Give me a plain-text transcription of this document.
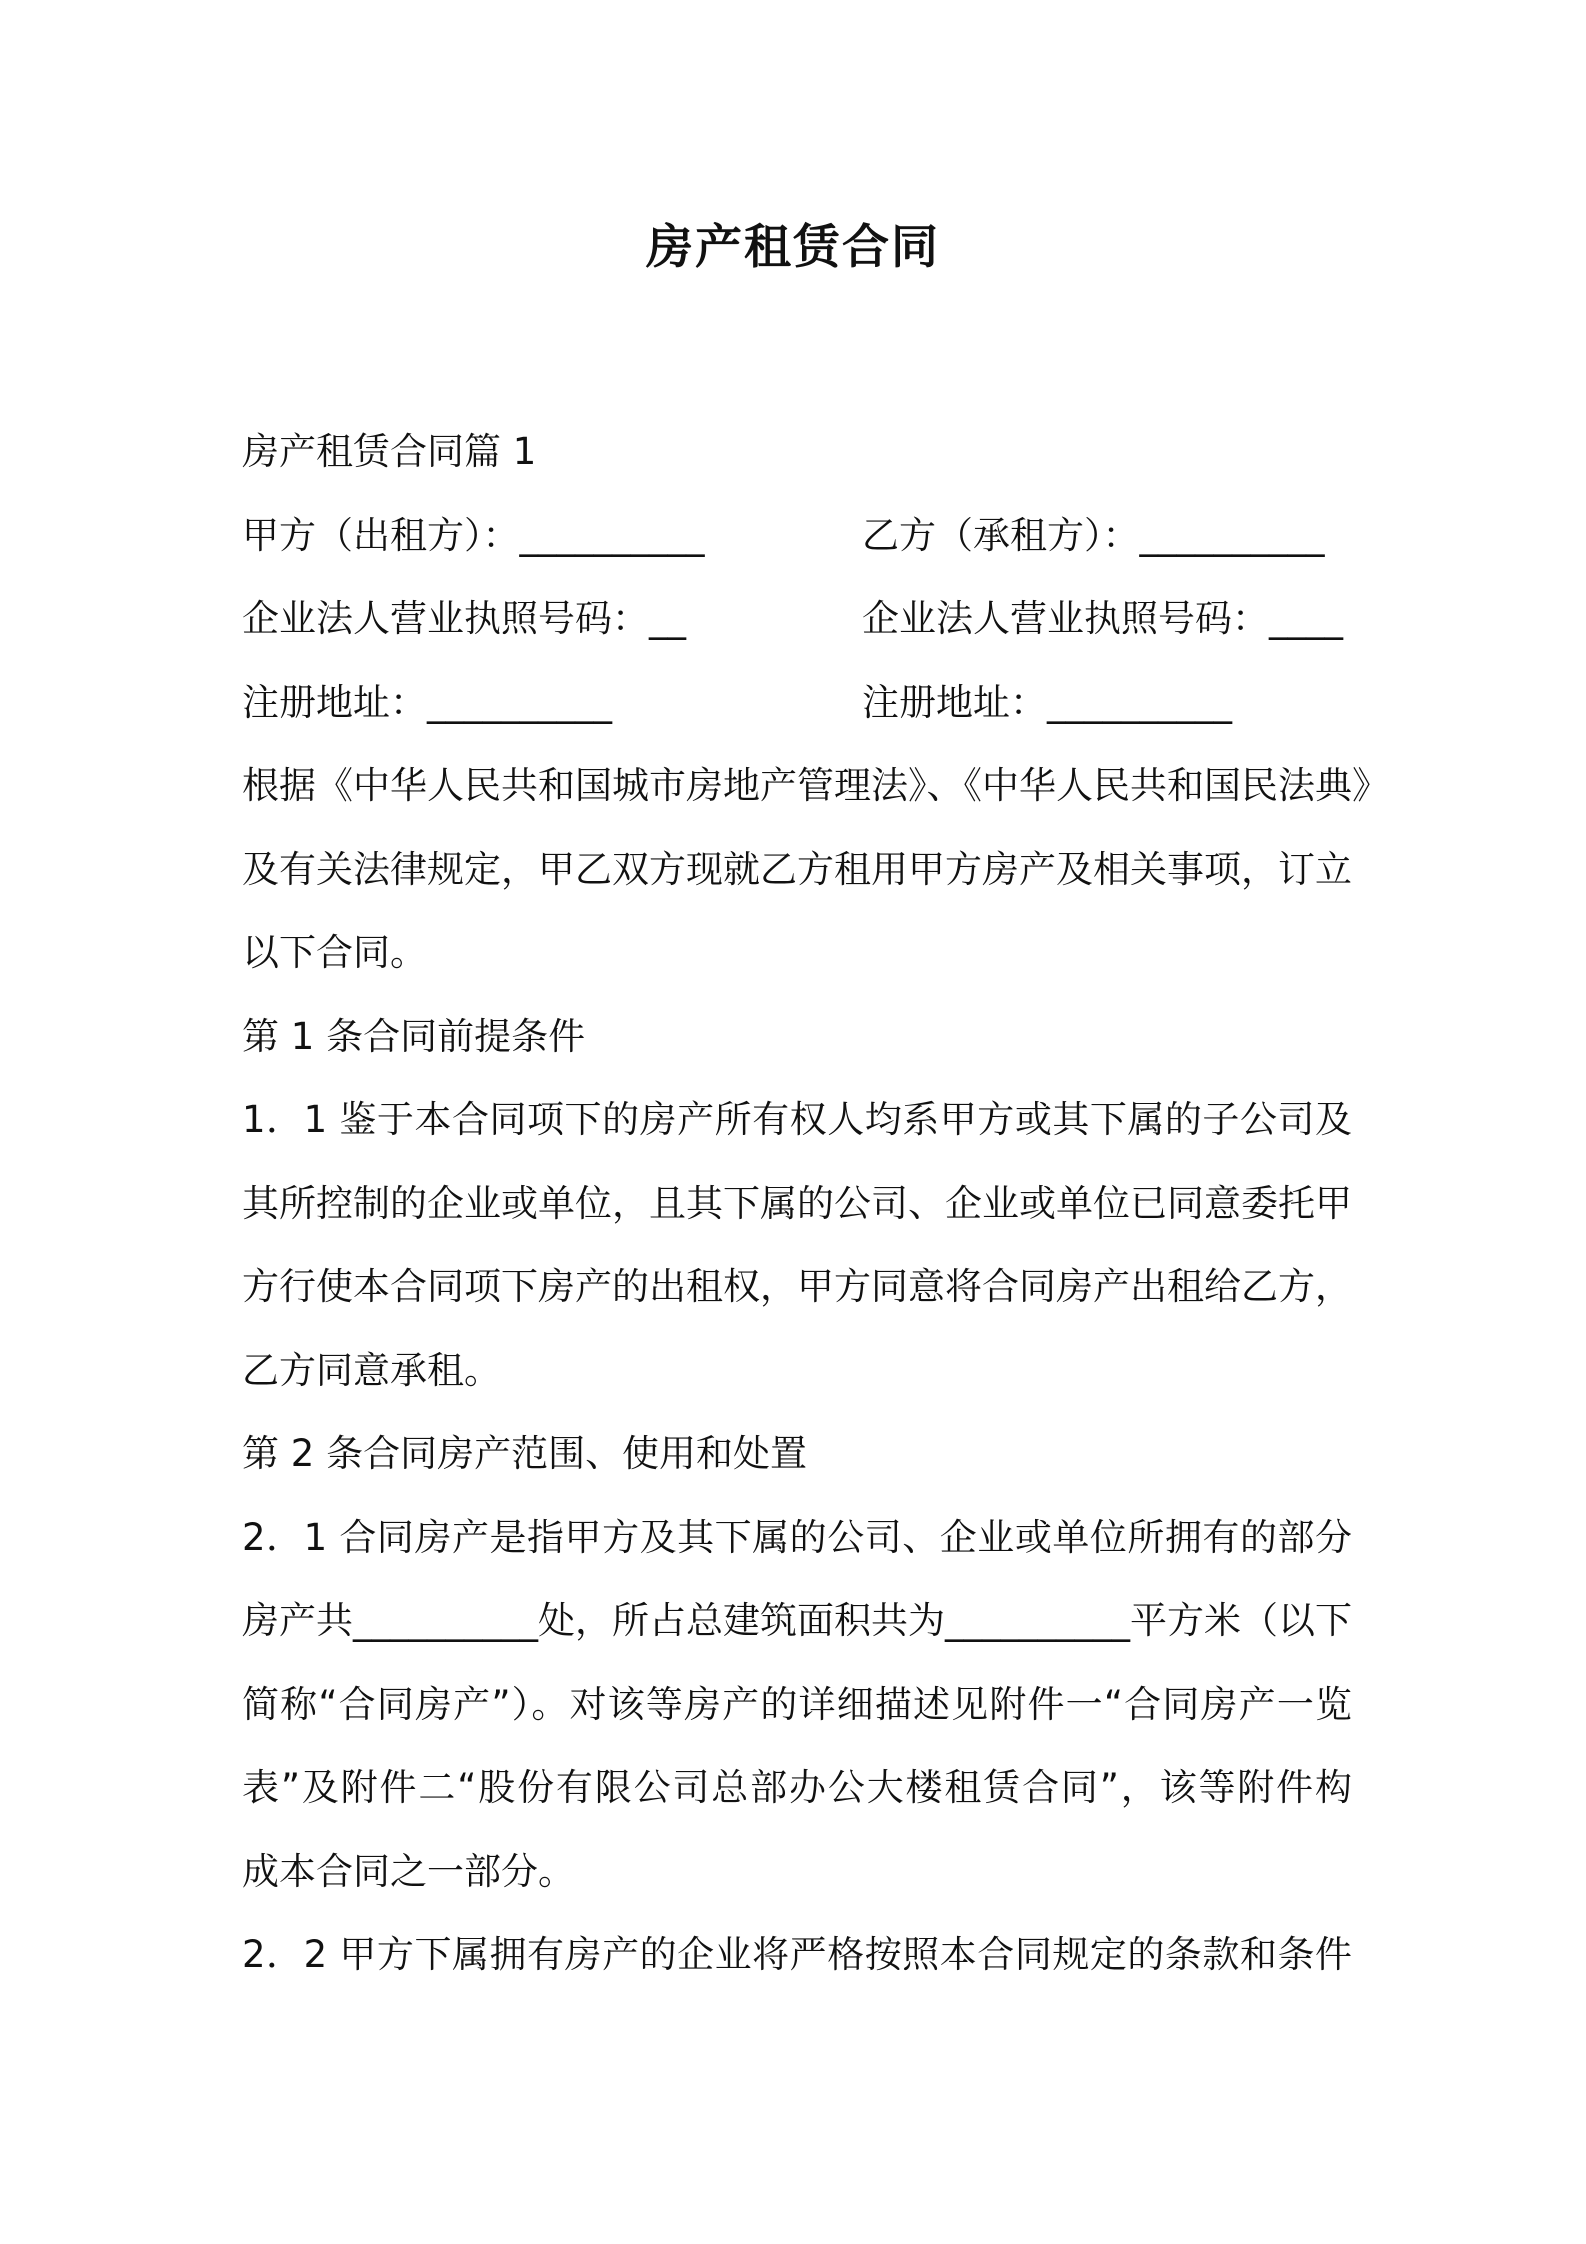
房产租赁合同
房产租赁合同篇 1
甲方（出租方）：__________	乙方（承租方）：__________
企业法人营业执照号码：__	企业法人营业执照号码：____
注册地址：__________	注册地址：__________
根据《中华人民共和国城市房地产管理法》、《中华人民共和国民法典》
及有关法律规定，甲乙双方现就乙方租用甲方房产及相关事项，订立
以下合同。
第 1 条合同前提条件
1．1 鉴于本合同项下的房产所有权人均系甲方或其下属的子公司及
其所控制的企业或单位，且其下属的公司、企业或单位已同意委托甲
方行使本合同项下房产的出租权，甲方同意将合同房产出租给乙方，
乙方同意承租。
第 2 条合同房产范围、使用和处置
2．1 合同房产是指甲方及其下属的公司、企业或单位所拥有的部分
房产共__________处，所占总建筑面积共为__________平方米（以下
简称“合同房产”）。对该等房产的详细描述见附件一“合同房产一览
表”及附件二“股份有限公司总部办公大楼租赁合同”，该等附件构
成本合同之一部分。
2．2 甲方下属拥有房产的企业将严格按照本合同规定的条款和条件
